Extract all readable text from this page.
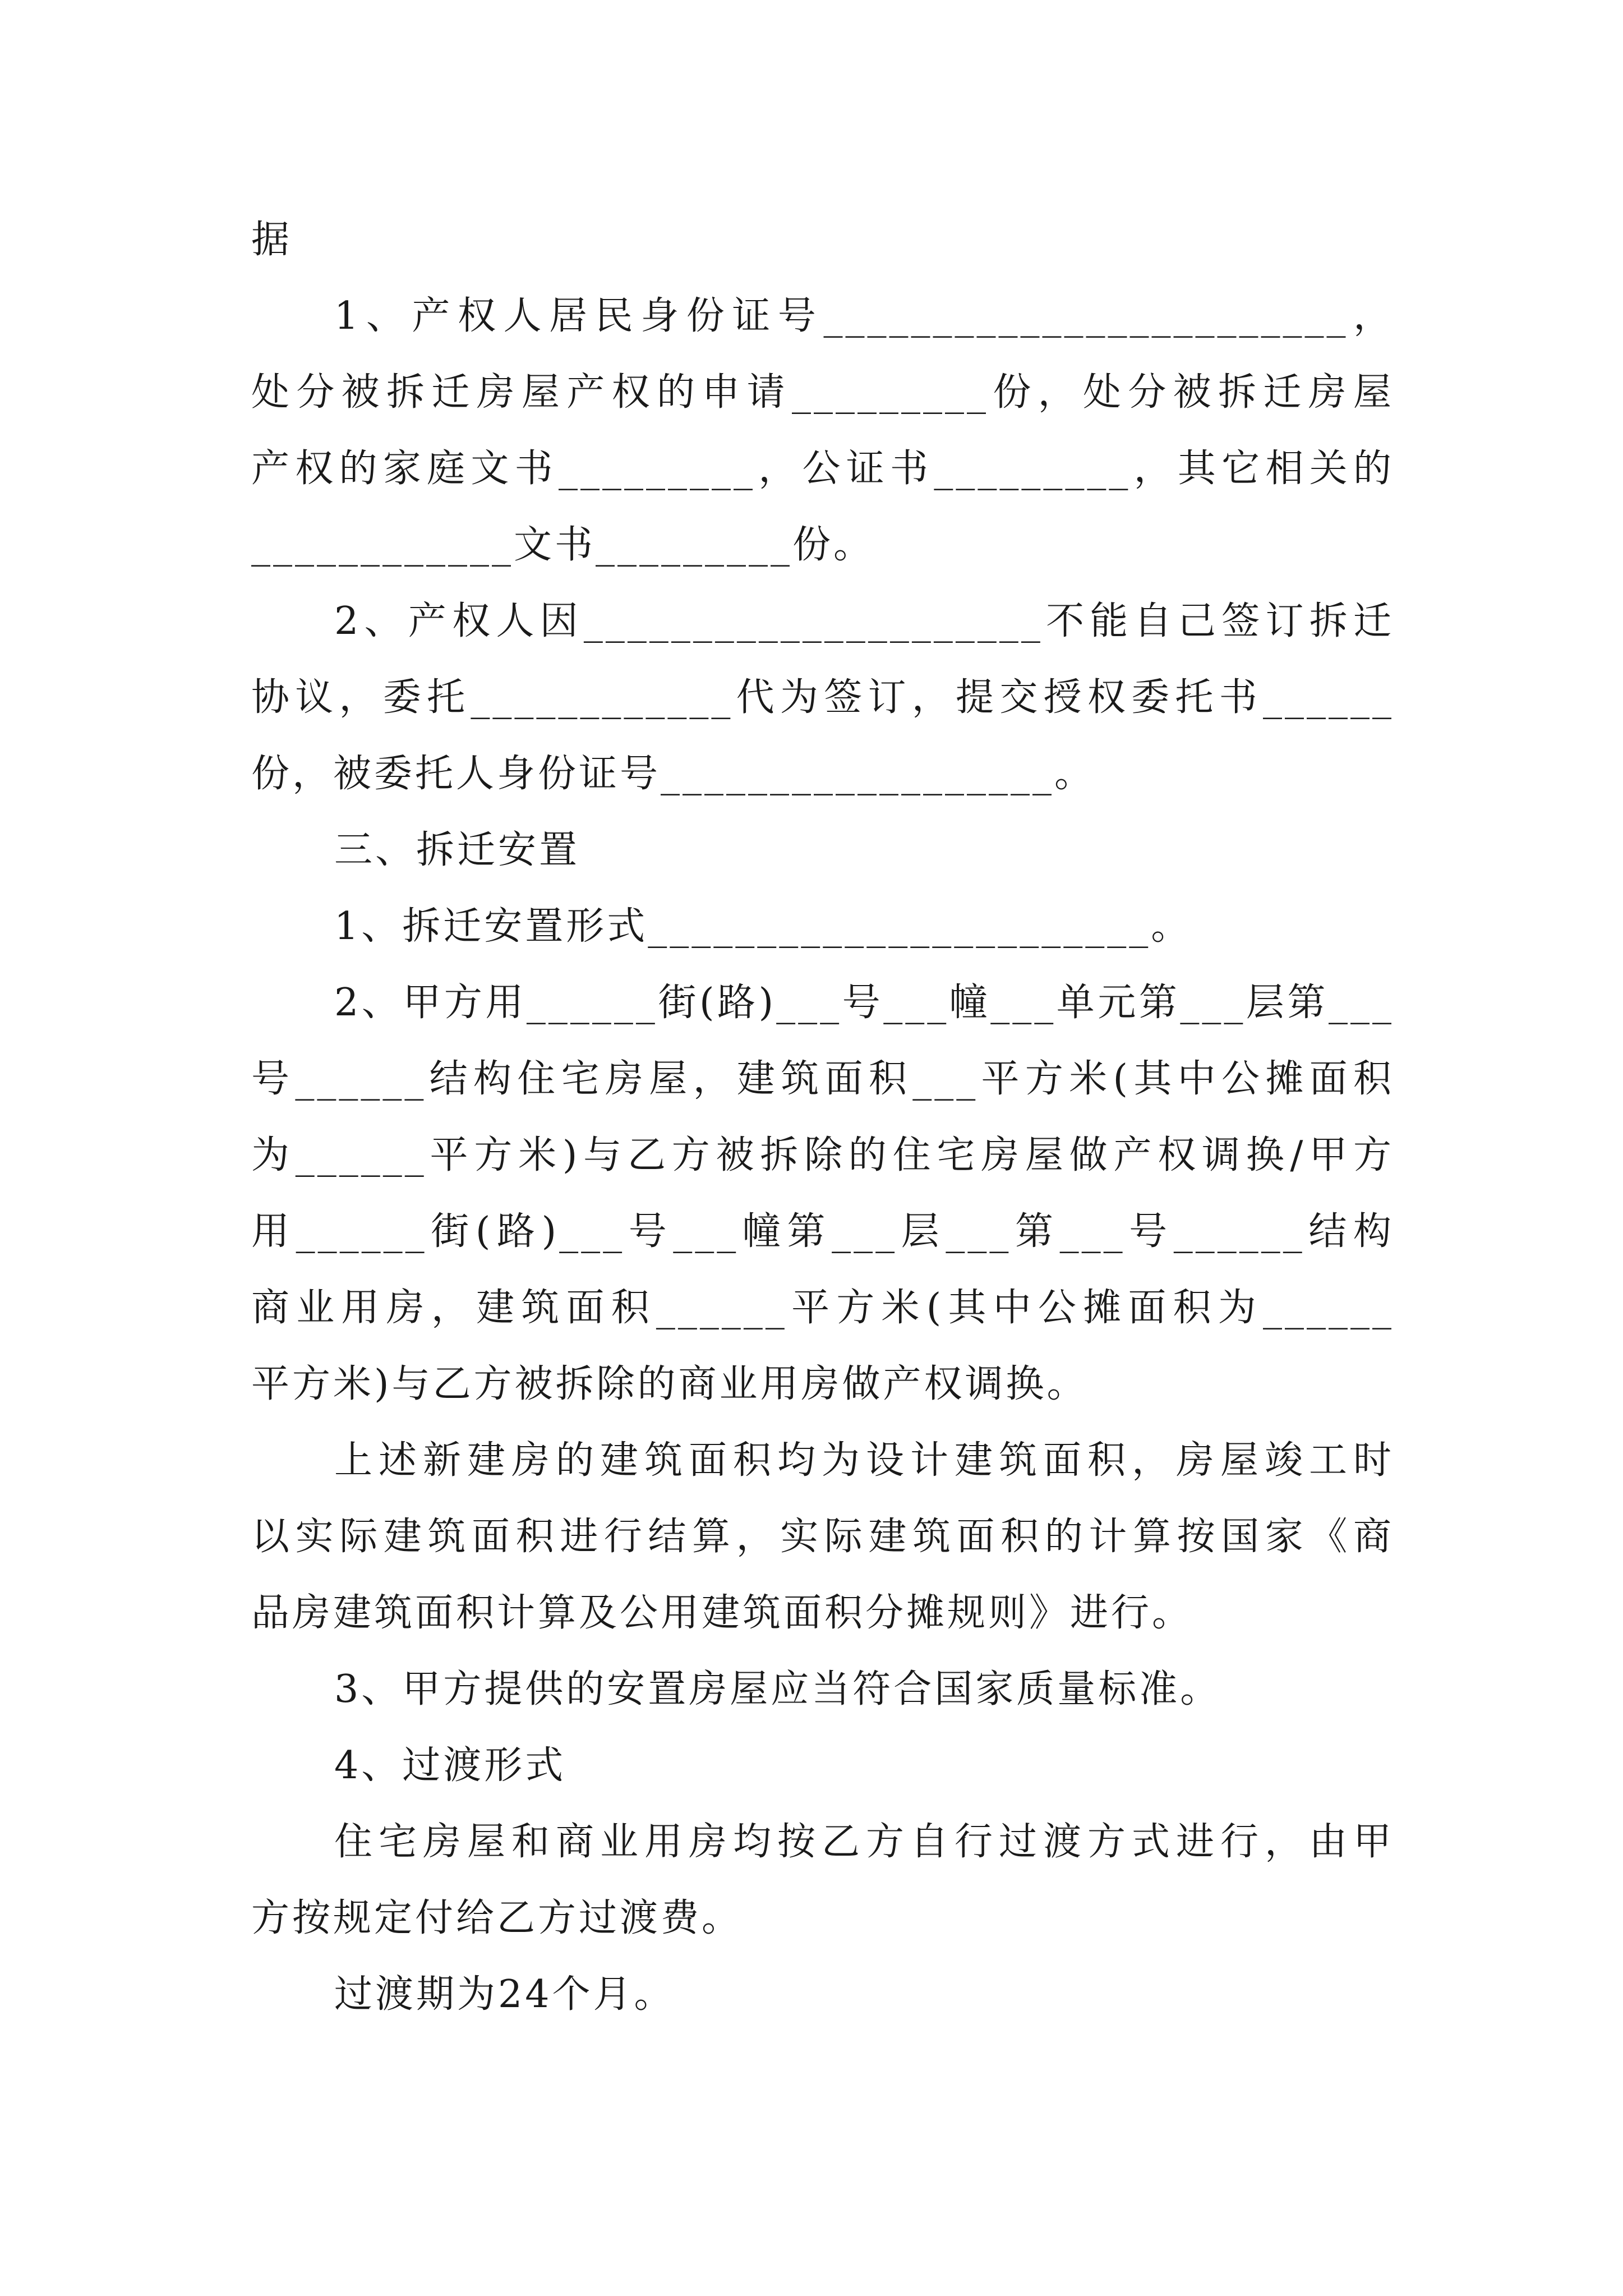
据
1、产权人居民身份证号________________________，
处分被拆迁房屋产权的申请_________份，处分被拆迁房屋
产权的家庭文书_________，公证书_________，其它相关的
____________文书_________份。
2、产权人因_____________________不能自己签订拆迁
协议，委托____________代为签订，提交授权委托书______
份，被委托人身份证号__________________。
三、拆迁安置
1、拆迁安置形式_______________________。
2、甲方用______街(路)___号___幢___单元第___层第___
号______结构住宅房屋，建筑面积___平方米(其中公摊面积
为______平方米)与乙方被拆除的住宅房屋做产权调换/甲方
用______街(路)___号___幢第___层___第___号______结构
商业用房，建筑面积______平方米(其中公摊面积为______
平方米)与乙方被拆除的商业用房做产权调换。
上述新建房的建筑面积均为设计建筑面积，房屋竣工时
以实际建筑面积进行结算，实际建筑面积的计算按国家《商
品房建筑面积计算及公用建筑面积分摊规则》进行。
3、甲方提供的安置房屋应当符合国家质量标准。
4、过渡形式
住宅房屋和商业用房均按乙方自行过渡方式进行，由甲
方按规定付给乙方过渡费。
过渡期为24个月。
